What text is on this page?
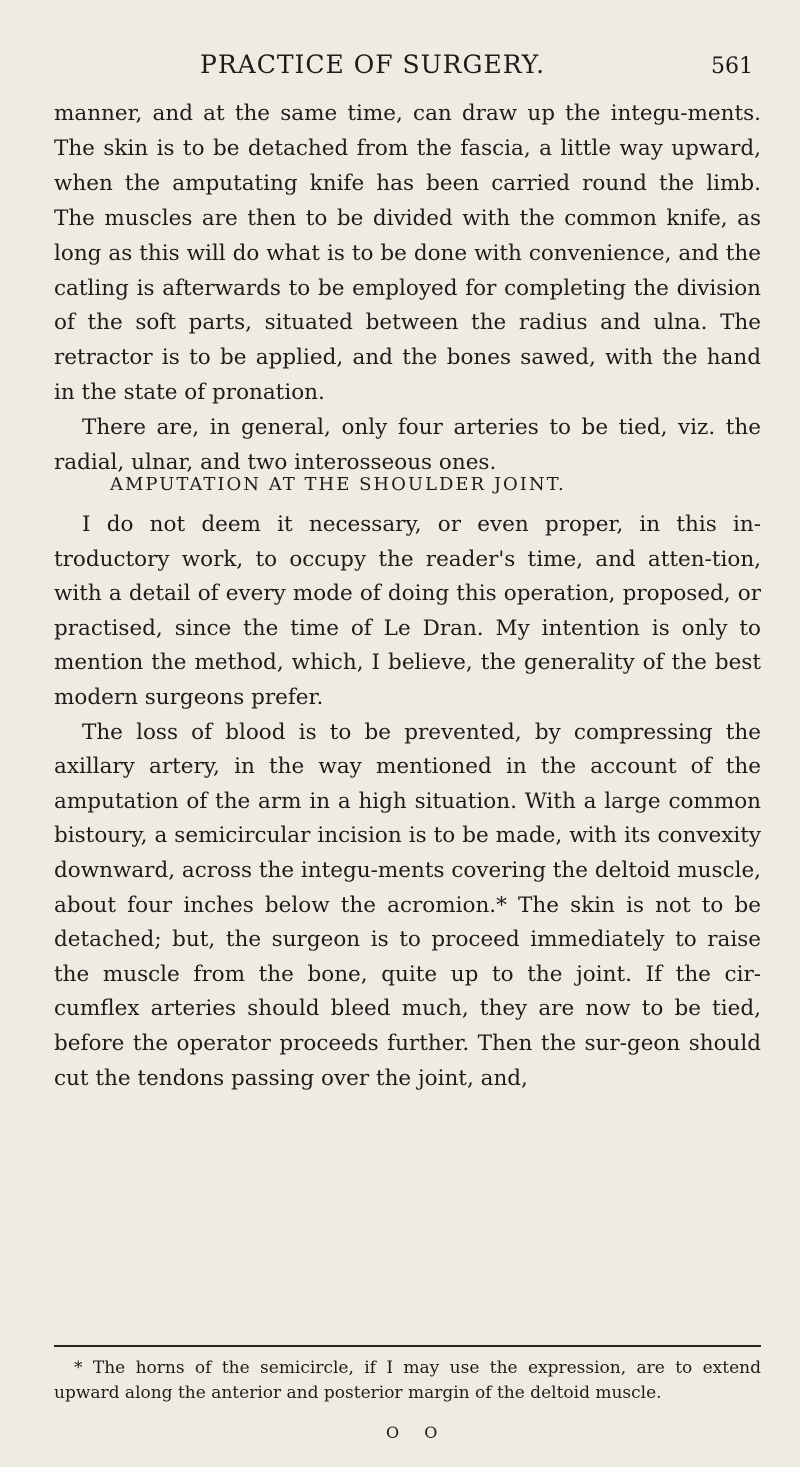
PRACTICE OF SURGERY.	561

manner, and at the same time, can draw up the integu-ments. The skin is to be detached from the fascia, a little way upward, when the amputating knife has been carried round the limb. The muscles are then to be divided with the common knife, as long as this will do what is to be done with convenience, and the catling is afterwards to be employed for completing the division of the soft parts, situated between the radius and ulna. The retractor is to be applied, and the bones sawed, with the hand in the state of pronation.

There are, in general, only four arteries to be tied, viz. the radial, ulnar, and two interosseous ones.

AMPUTATION AT THE SHOULDER JOINT.

I do not deem it necessary, or even proper, in this in-troductory work, to occupy the reader's time, and atten-tion, with a detail of every mode of doing this operation, proposed, or practised, since the time of Le Dran. My intention is only to mention the method, which, I believe, the generality of the best modern surgeons prefer.

The loss of blood is to be prevented, by compressing the axillary artery, in the way mentioned in the account of the amputation of the arm in a high situation. With a large common bistoury, a semicircular incision is to be made, with its convexity downward, across the integu-ments covering the deltoid muscle, about four inches below the acromion.* The skin is not to be detached; but, the surgeon is to proceed immediately to raise the muscle from the bone, quite up to the joint. If the cir-cumflex arteries should bleed much, they are now to be tied, before the operator proceeds further. Then the sur-geon should cut the tendons passing over the joint, and,

* The horns of the semicircle, if I may use the expression, are to extend upward along the anterior and posterior margin of the deltoid muscle.
O O
